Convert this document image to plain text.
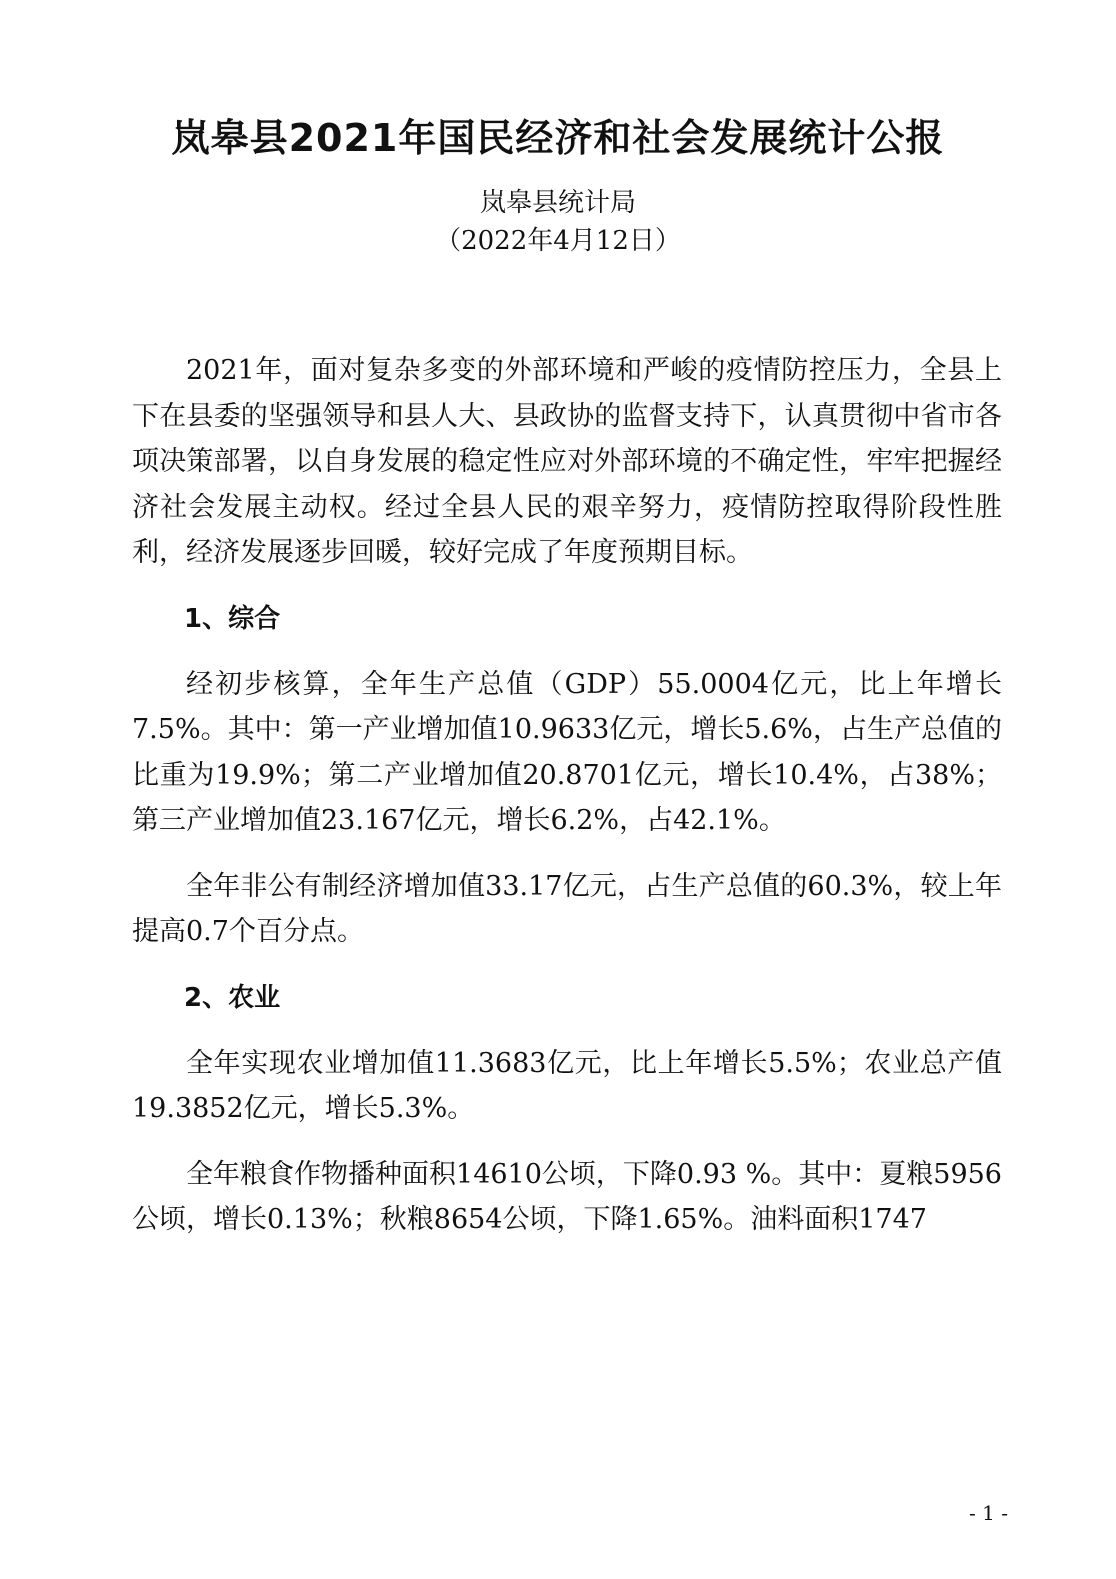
岚皋县2021年国民经济和社会发展统计公报
岚皋县统计局
（2022年4月12日）

2021年，面对复杂多变的外部环境和严峻的疫情防控压力，全县上下在县委的坚强领导和县人大、县政协的监督支持下，认真贯彻中省市各项决策部署，以自身发展的稳定性应对外部环境的不确定性，牢牢把握经济社会发展主动权。经过全县人民的艰辛努力，疫情防控取得阶段性胜利，经济发展逐步回暖，较好完成了年度预期目标。

1、综合

经初步核算，全年生产总值（GDP）55.0004亿元，比上年增长7.5%。其中：第一产业增加值10.9633亿元，增长5.6%，占生产总值的比重为19.9%；第二产业增加值20.8701亿元，增长10.4%，占38%；第三产业增加值23.167亿元，增长6.2%，占42.1%。

全年非公有制经济增加值33.17亿元，占生产总值的60.3%，较上年提高0.7个百分点。

2、农业

全年实现农业增加值11.3683亿元，比上年增长5.5%；农业总产值19.3852亿元，增长5.3%。

全年粮食作物播种面积14610公顷，下降0.93 %。其中：夏粮5956公顷，增长0.13%；秋粮8654公顷，下降1.65%。油料面积1747

- 1 -
